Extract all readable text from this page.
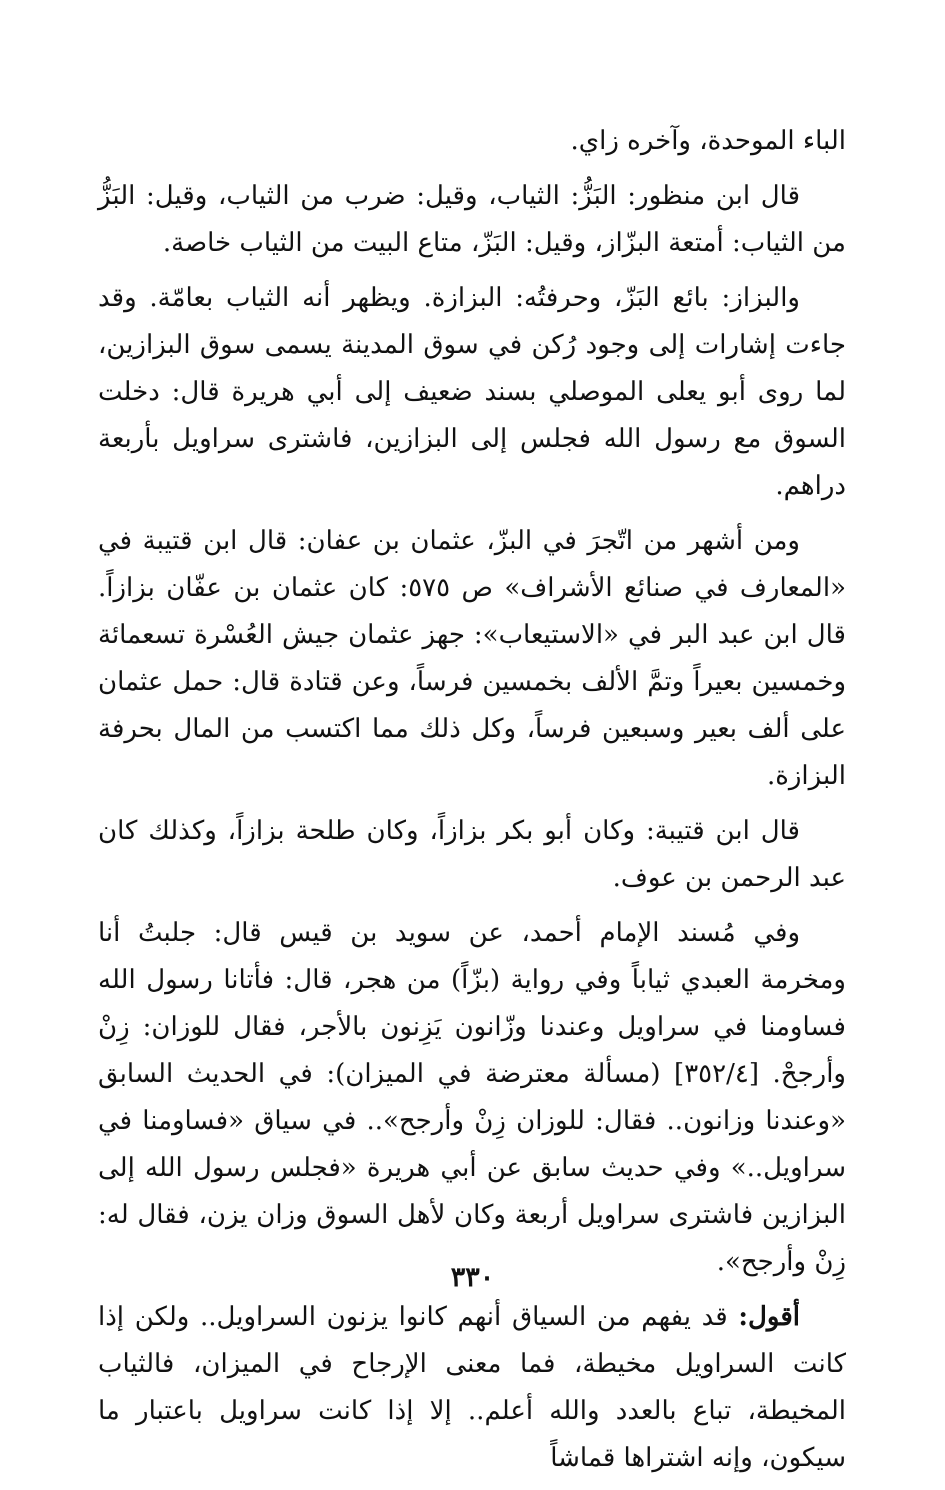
الباء الموحدة، وآخره زاي.

قال ابن منظور: البَزُّ: الثياب، وقيل: ضرب من الثياب، وقيل: البَزُّ من الثياب: أمتعة البزّاز، وقيل: البَزّ، متاع البيت من الثياب خاصة.

والبزاز: بائع البَزّ، وحرفتُه: البزازة. ويظهر أنه الثياب بعامّة. وقد جاءت إشارات إلى وجود رُكن في سوق المدينة يسمى سوق البزازين، لما روى أبو يعلى الموصلي بسند ضعيف إلى أبي هريرة قال: دخلت السوق مع رسول الله فجلس إلى البزازين، فاشترى سراويل بأربعة دراهم.

ومن أشهر من اتّجرَ في البزّ، عثمان بن عفان: قال ابن قتيبة في «المعارف في صنائع الأشراف» ص ٥٧٥: كان عثمان بن عفّان بزازاً. قال ابن عبد البر في «الاستيعاب»: جهز عثمان جيش العُسْرة تسعمائة وخمسين بعيراً وتمَّ الألف بخمسين فرساً، وعن قتادة قال: حمل عثمان على ألف بعير وسبعين فرساً، وكل ذلك مما اكتسب من المال بحرفة البزازة.

قال ابن قتيبة: وكان أبو بكر بزازاً، وكان طلحة بزازاً، وكذلك كان عبد الرحمن بن عوف.

وفي مُسند الإمام أحمد، عن سويد بن قيس قال: جلبتُ أنا ومخرمة العبدي ثياباً وفي رواية (بزّاً) من هجر، قال: فأتانا رسول الله فساومنا في سراويل وعندنا وزّانون يَزِنون بالأجر، فقال للوزان: زِنْ وأرجحْ. [٣٥٢/٤] (مسألة معترضة في الميزان): في الحديث السابق «وعندنا وزانون.. فقال: للوزان زِنْ وأرجح».. في سياق «فساومنا في سراويل..» وفي حديث سابق عن أبي هريرة «فجلس رسول الله إلى البزازين فاشترى سراويل أربعة وكان لأهل السوق وزان يزن، فقال له: زِنْ وأرجح».

أقول: قد يفهم من السياق أنهم كانوا يزنون السراويل.. ولكن إذا كانت السراويل مخيطة، فما معنى الإرجاح في الميزان، فالثياب المخيطة، تباع بالعدد والله أعلم.. إلا إذا كانت سراويل باعتبار ما سيكون، وإنه اشتراها قماشاً

٣٣٠
